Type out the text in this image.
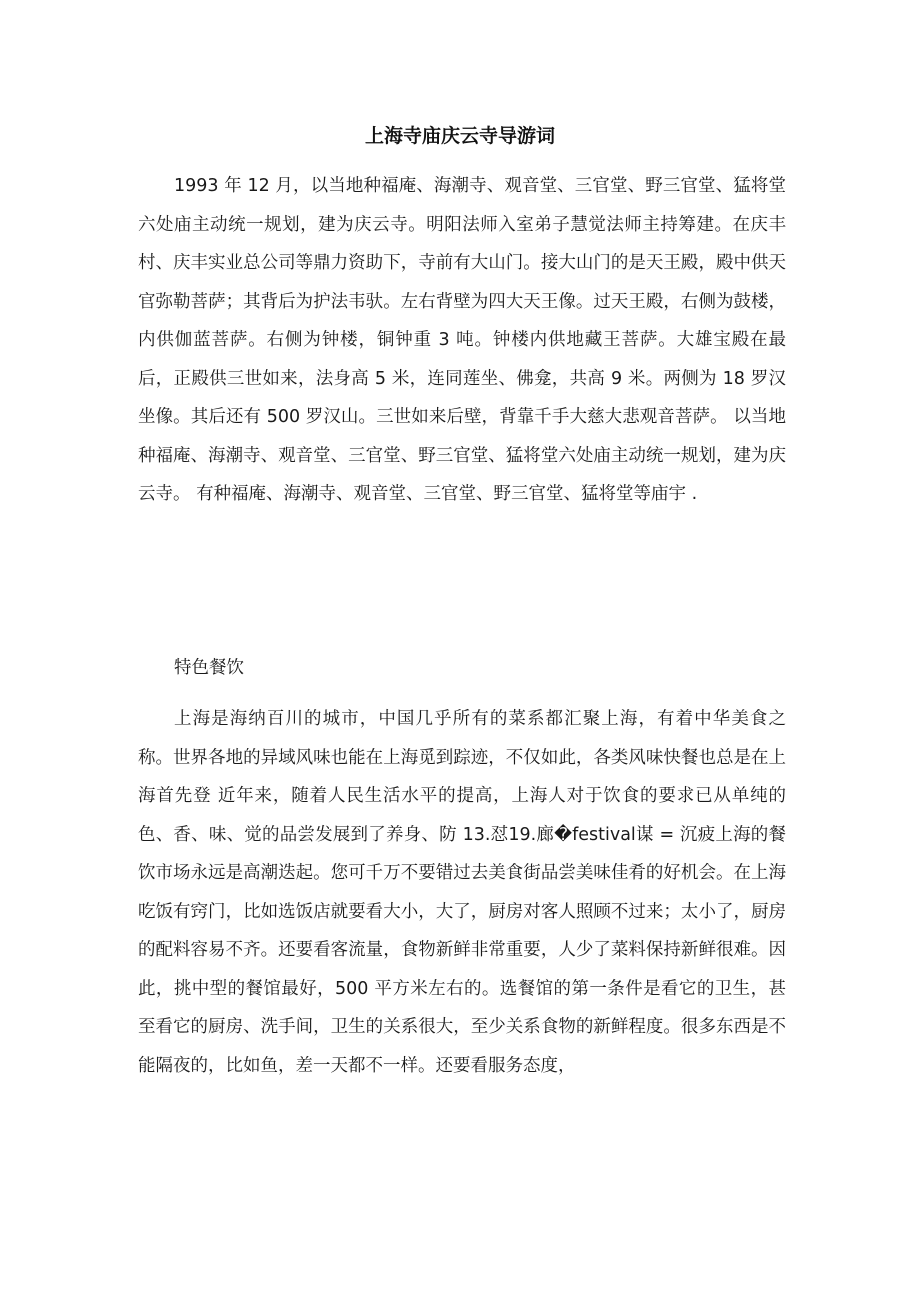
上海寺庙庆云寺导游词

1993 年 12 月，以当地种福庵、海潮寺、观音堂、三官堂、野三官堂、猛将堂六处庙主动统一规划，建为庆云寺。明阳法师入室弟子慧觉法师主持筹建。在庆丰村、庆丰实业总公司等鼎力资助下，寺前有大山门。接大山门的是天王殿，殿中供天官弥勒菩萨；其背后为护法韦驮。左右背壁为四大天王像。过天王殿，右侧为鼓楼，内供伽蓝菩萨。右侧为钟楼，铜钟重 3 吨。钟楼内供地藏王菩萨。大雄宝殿在最后，正殿供三世如来，法身高 5 米，连同莲坐、佛龛，共高 9 米。两侧为 18 罗汉坐像。其后还有 500 罗汉山。三世如来后壁，背靠千手大慈大悲观音菩萨。 以当地种福庵、海潮寺、观音堂、三官堂、野三官堂、猛将堂六处庙主动统一规划，建为庆云寺。 有种福庵、海潮寺、观音堂、三官堂、野三官堂、猛将堂等庙宇 .

特色餐饮

上海是海纳百川的城市，中国几乎所有的菜系都汇聚上海，有着中华美食之称。世界各地的异域风味也能在上海觅到踪迹，不仅如此，各类风味快餐也总是在上海首先登 近年来，随着人民生活水平的提高，上海人对于饮食的要求已从单纯的色、香、味、觉的品尝发展到了养身、防 13.怼19.廊�festival谋 = 沉疲上海的餐饮市场永远是高潮迭起。您可千万不要错过去美食街品尝美味佳肴的好机会。在上海吃饭有窍门，比如选饭店就要看大小，大了，厨房对客人照顾不过来；太小了，厨房的配料容易不齐。还要看客流量，食物新鲜非常重要，人少了菜料保持新鲜很难。因此，挑中型的餐馆最好，500 平方米左右的。选餐馆的第一条件是看它的卫生，甚至看它的厨房、洗手间，卫生的关系很大，至少关系食物的新鲜程度。很多东西是不能隔夜的，比如鱼，差一天都不一样。还要看服务态度，
